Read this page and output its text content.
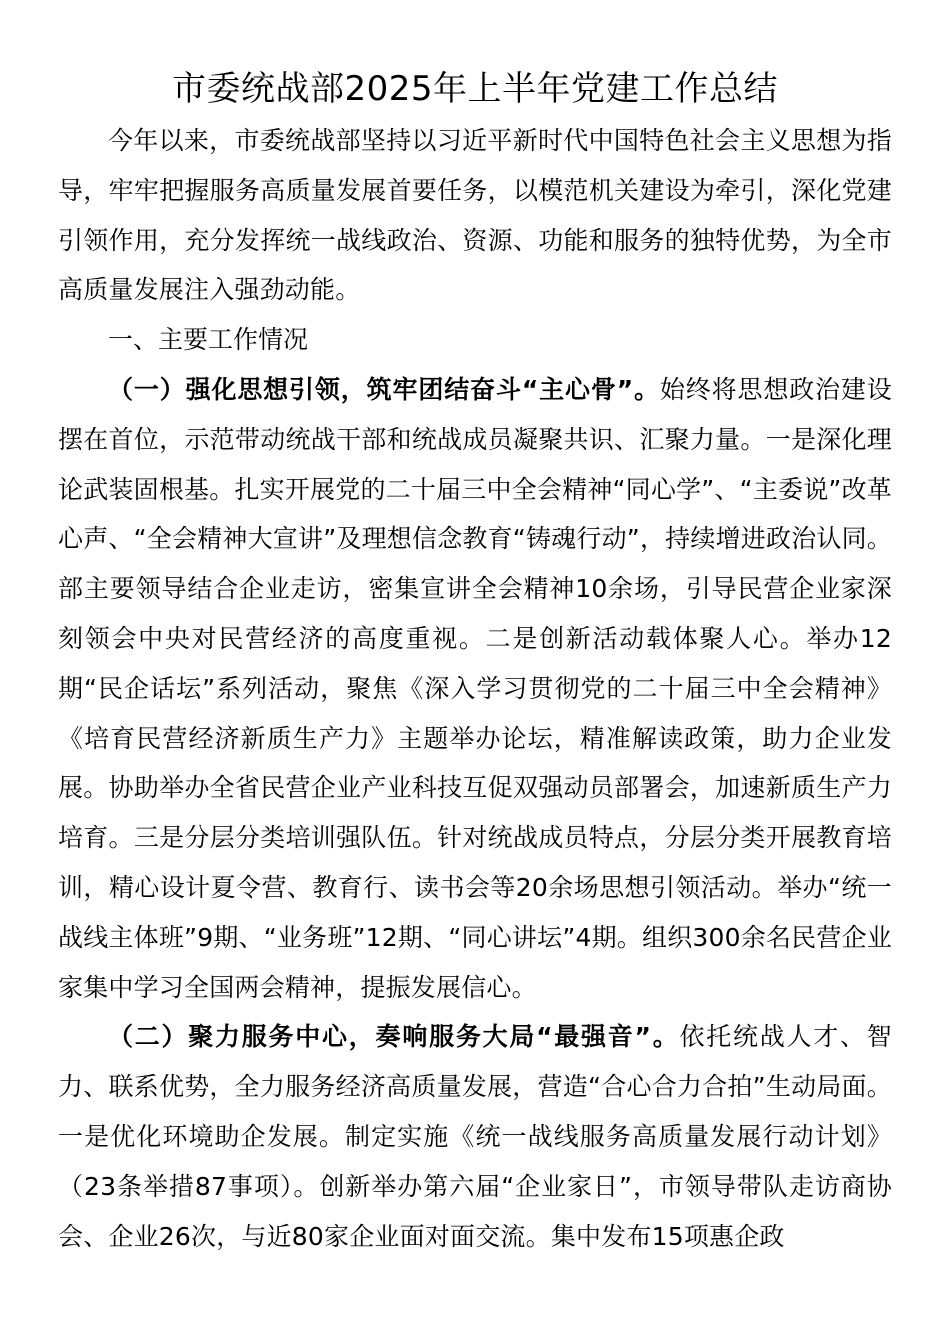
市委统战部2025年上半年党建工作总结

今年以来，市委统战部坚持以习近平新时代中国特色社会主义思想为指导，牢牢把握服务高质量发展首要任务，以模范机关建设为牵引，深化党建引领作用，充分发挥统一战线政治、资源、功能和服务的独特优势，为全市高质量发展注入强劲动能。

一、主要工作情况

（一）强化思想引领，筑牢团结奋斗“主心骨”。始终将思想政治建设摆在首位，示范带动统战干部和统战成员凝聚共识、汇聚力量。一是深化理论武装固根基。扎实开展党的二十届三中全会精神“同心学”、“主委说”改革心声、“全会精神大宣讲”及理想信念教育“铸魂行动”，持续增进政治认同。部主要领导结合企业走访，密集宣讲全会精神10余场，引导民营企业家深刻领会中央对民营经济的高度重视。二是创新活动载体聚人心。举办12期“民企话坛”系列活动，聚焦《深入学习贯彻党的二十届三中全会精神》《培育民营经济新质生产力》主题举办论坛，精准解读政策，助力企业发展。协助举办全省民营企业产业科技互促双强动员部署会，加速新质生产力培育。三是分层分类培训强队伍。针对统战成员特点，分层分类开展教育培训，精心设计夏令营、教育行、读书会等20余场思想引领活动。举办“统一战线主体班”9期、“业务班”12期、“同心讲坛”4期。组织300余名民营企业家集中学习全国两会精神，提振发展信心。

（二）聚力服务中心，奏响服务大局“最强音”。依托统战人才、智力、联系优势，全力服务经济高质量发展，营造“合心合力合拍”生动局面。一是优化环境助企发展。制定实施《统一战线服务高质量发展行动计划》（23条举措87事项）。创新举办第六届“企业家日”，市领导带队走访商协会、企业26次，与近80家企业面对面交流。集中发布15项惠企政
